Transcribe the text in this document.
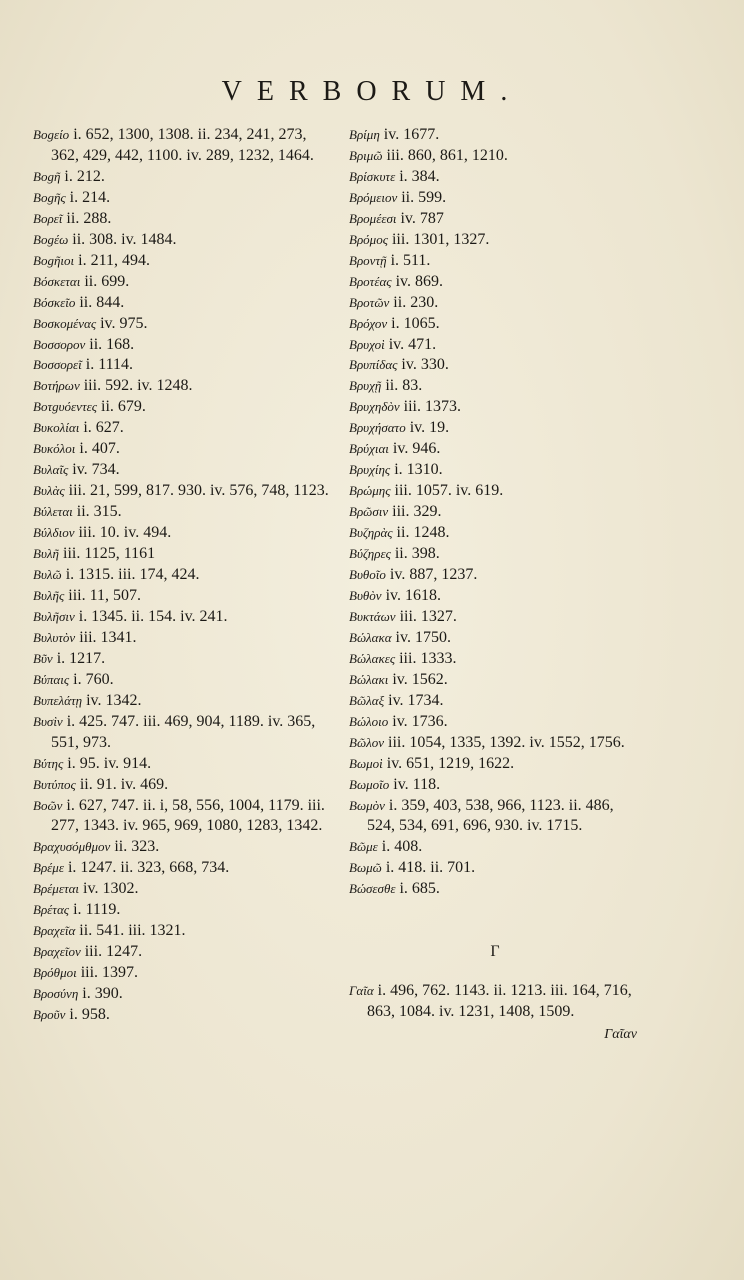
VERBORUM.
Βοgείο i. 652, 1300, 1308. ii. 234, 241, 273, 362, 429, 442, 1100. iv. 289, 1232, 1464.
Βοgῆ i. 212.
Βοgῆς i. 214.
Βορεῖ ii. 288.
Βοgέω ii. 308. iv. 1484.
Βοgῆιοι i. 211, 494.
Βόσκεται ii. 699.
Βόσκεῖο ii. 844.
Βοσκομένας iv. 975.
Βοσσορον ii. 168.
Βοσσορεῖ i. 1114.
Βοτήρων iii. 592. iv. 1248.
Βοτgυόεντες ii. 679.
Βυκολίαι i. 627.
Βυκόλοι i. 407.
Βυλαῖς iv. 734.
Βυλὰς iii. 21, 599, 817. 930. iv. 576, 748, 1123.
Βύλεται ii. 315.
Βύλδιον iii. 10. iv. 494.
Βυλῆ iii. 1125, 1161
Βυλῶ i. 1315. iii. 174, 424.
Βυλῆς iii. 11, 507.
Βυλῆσιν i. 1345. ii. 154. iv. 241.
Βυλυτὸν iii. 1341.
Βῦν i. 1217.
Βύπαις i. 760.
Βυπελάτῃ iv. 1342.
Βυσὶν i. 425. 747. iii. 469, 904, 1189. iv. 365, 551, 973.
Βύτης i. 95. iv. 914.
Βυτύπος ii. 91. iv. 469.
Βοῶν i. 627, 747. ii. i, 58, 556, 1004, 1179. iii. 277, 1343. iv. 965, 969, 1080, 1283, 1342.
Βραχυσόμθμον ii. 323.
Βρέμε i. 1247. ii. 323, 668, 734.
Βρέμεται iv. 1302.
Βρέτας i. 1119.
Βραχεῖα ii. 541. iii. 1321.
Βραχεῖον iii. 1247.
Βρόθμοι iii. 1397.
Βροσύνη i. 390.
Βροῦν i. 958.
Βρίμη iv. 1677.
Βριμῶ iii. 860, 861, 1210.
Βρίσκυτε i. 384.
Βρόμειον ii. 599.
Βρομέεσι iv. 787
Βρόμος iii. 1301, 1327.
Βροντῇ i. 511.
Βροτέας iv. 869.
Βροτῶν ii. 230.
Βρόχον i. 1065.
Βρυχοὶ iv. 471.
Βρυπίδας iv. 330.
Βρυχῇ ii. 83.
Βρυχηδὸν iii. 1373.
Βρυχήσατο iv. 19.
Βρύχιαι iv. 946.
Βρυχίης i. 1310.
Βρώμης iii. 1057. iv. 619.
Βρῶσιν iii. 329.
Βυζηρὰς ii. 1248.
Βύζηρες ii. 398.
Βυθοῖο iv. 887, 1237.
Βυθὸν iv. 1618.
Βυκτάων iii. 1327.
Βώλακα iv. 1750.
Βώλακες iii. 1333.
Βώλακι iv. 1562.
Βῶλαξ iv. 1734.
Βώλοιο iv. 1736.
Βῶλον iii. 1054, 1335, 1392. iv. 1552, 1756.
Βωμοὶ iv. 651, 1219, 1622.
Βωμοῖο iv. 118.
Βωμὸν i. 359, 403, 538, 966, 1123. ii. 486, 524, 534, 691, 696, 930. iv. 1715.
Βῶμε i. 408.
Βωμῶ i. 418. ii. 701.
Βώσεσθε i. 685.
Γ
Γαῖα i. 496, 762. 1143. ii. 1213. iii. 164, 716, 863, 1084. iv. 1231, 1408, 1509.
Γαῖαν
